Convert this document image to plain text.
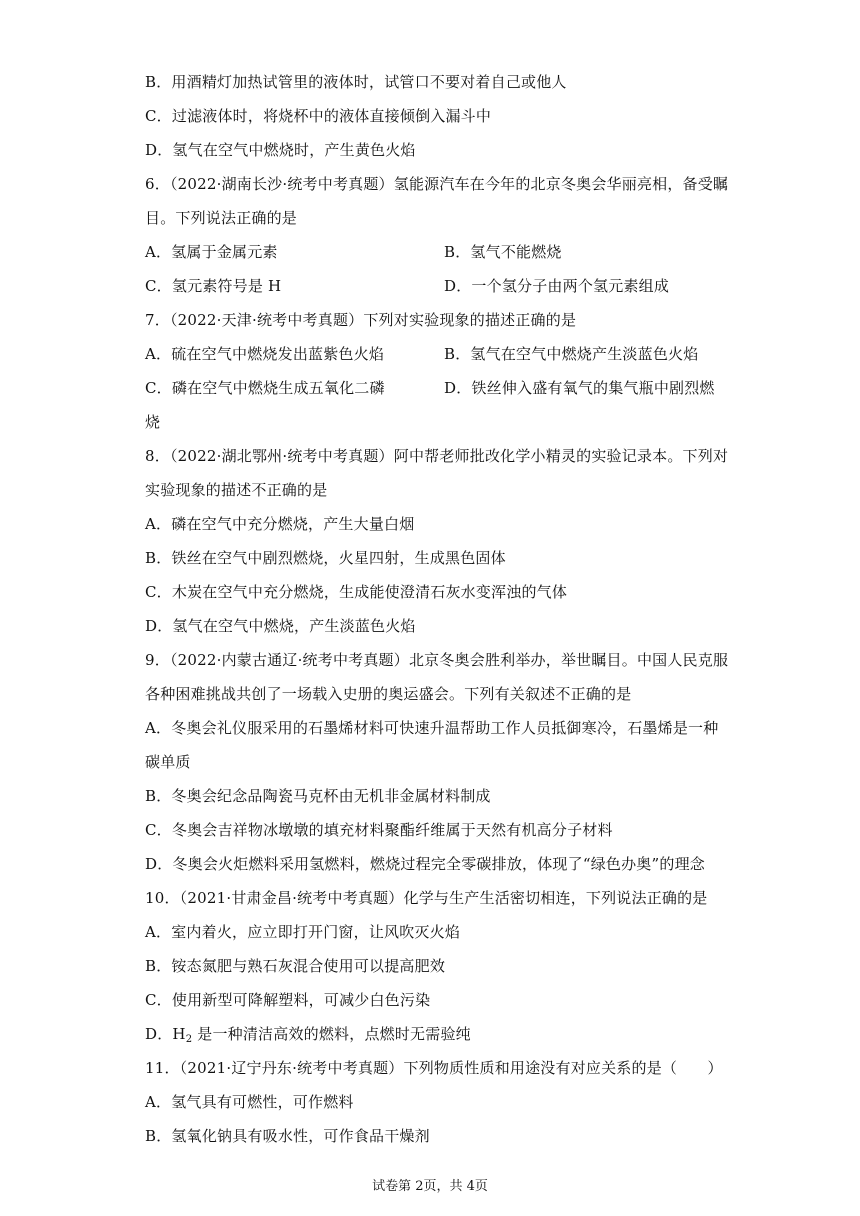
B．用酒精灯加热试管里的液体时，试管口不要对着自己或他人
C．过滤液体时，将烧杯中的液体直接倾倒入漏斗中
D．氢气在空气中燃烧时，产生黄色火焰
6．（2022·湖南长沙·统考中考真题）氢能源汽车在今年的北京冬奥会华丽亮相，备受瞩
目。下列说法正确的是
A．氢属于金属元素	B．氢气不能燃烧
C．氢元素符号是 H	D．一个氢分子由两个氢元素组成
7．（2022·天津·统考中考真题）下列对实验现象的描述正确的是
A．硫在空气中燃烧发出蓝紫色火焰	B．氢气在空气中燃烧产生淡蓝色火焰
C．磷在空气中燃烧生成五氧化二磷	D．铁丝伸入盛有氧气的集气瓶中剧烈燃
烧
8．（2022·湖北鄂州·统考中考真题）阿中帮老师批改化学小精灵的实验记录本。下列对
实验现象的描述不正确的是
A．磷在空气中充分燃烧，产生大量白烟
B．铁丝在空气中剧烈燃烧，火星四射，生成黑色固体
C．木炭在空气中充分燃烧，生成能使澄清石灰水变浑浊的气体
D．氢气在空气中燃烧，产生淡蓝色火焰
9．（2022·内蒙古通辽·统考中考真题）北京冬奥会胜利举办，举世瞩目。中国人民克服
各种困难挑战共创了一场载入史册的奥运盛会。下列有关叙述不正确的是
A．冬奥会礼仪服采用的石墨烯材料可快速升温帮助工作人员抵御寒冷，石墨烯是一种
碳单质
B．冬奥会纪念品陶瓷马克杯由无机非金属材料制成
C．冬奥会吉祥物冰墩墩的填充材料聚酯纤维属于天然有机高分子材料
D．冬奥会火炬燃料采用氢燃料，燃烧过程完全零碳排放，体现了“绿色办奥”的理念
10．（2021·甘肃金昌·统考中考真题）化学与生产生活密切相连，下列说法正确的是
A．室内着火，应立即打开门窗，让风吹灭火焰
B．铵态氮肥与熟石灰混合使用可以提高肥效
C．使用新型可降解塑料，可减少白色污染
D．$H_2$ 是一种清洁高效的燃料，点燃时无需验纯
11．（2021·辽宁丹东·统考中考真题）下列物质性质和用途没有对应关系的是（　　）
A．氢气具有可燃性，可作燃料
B．氢氧化钠具有吸水性，可作食品干燥剂
试卷第 2页，共 4页
